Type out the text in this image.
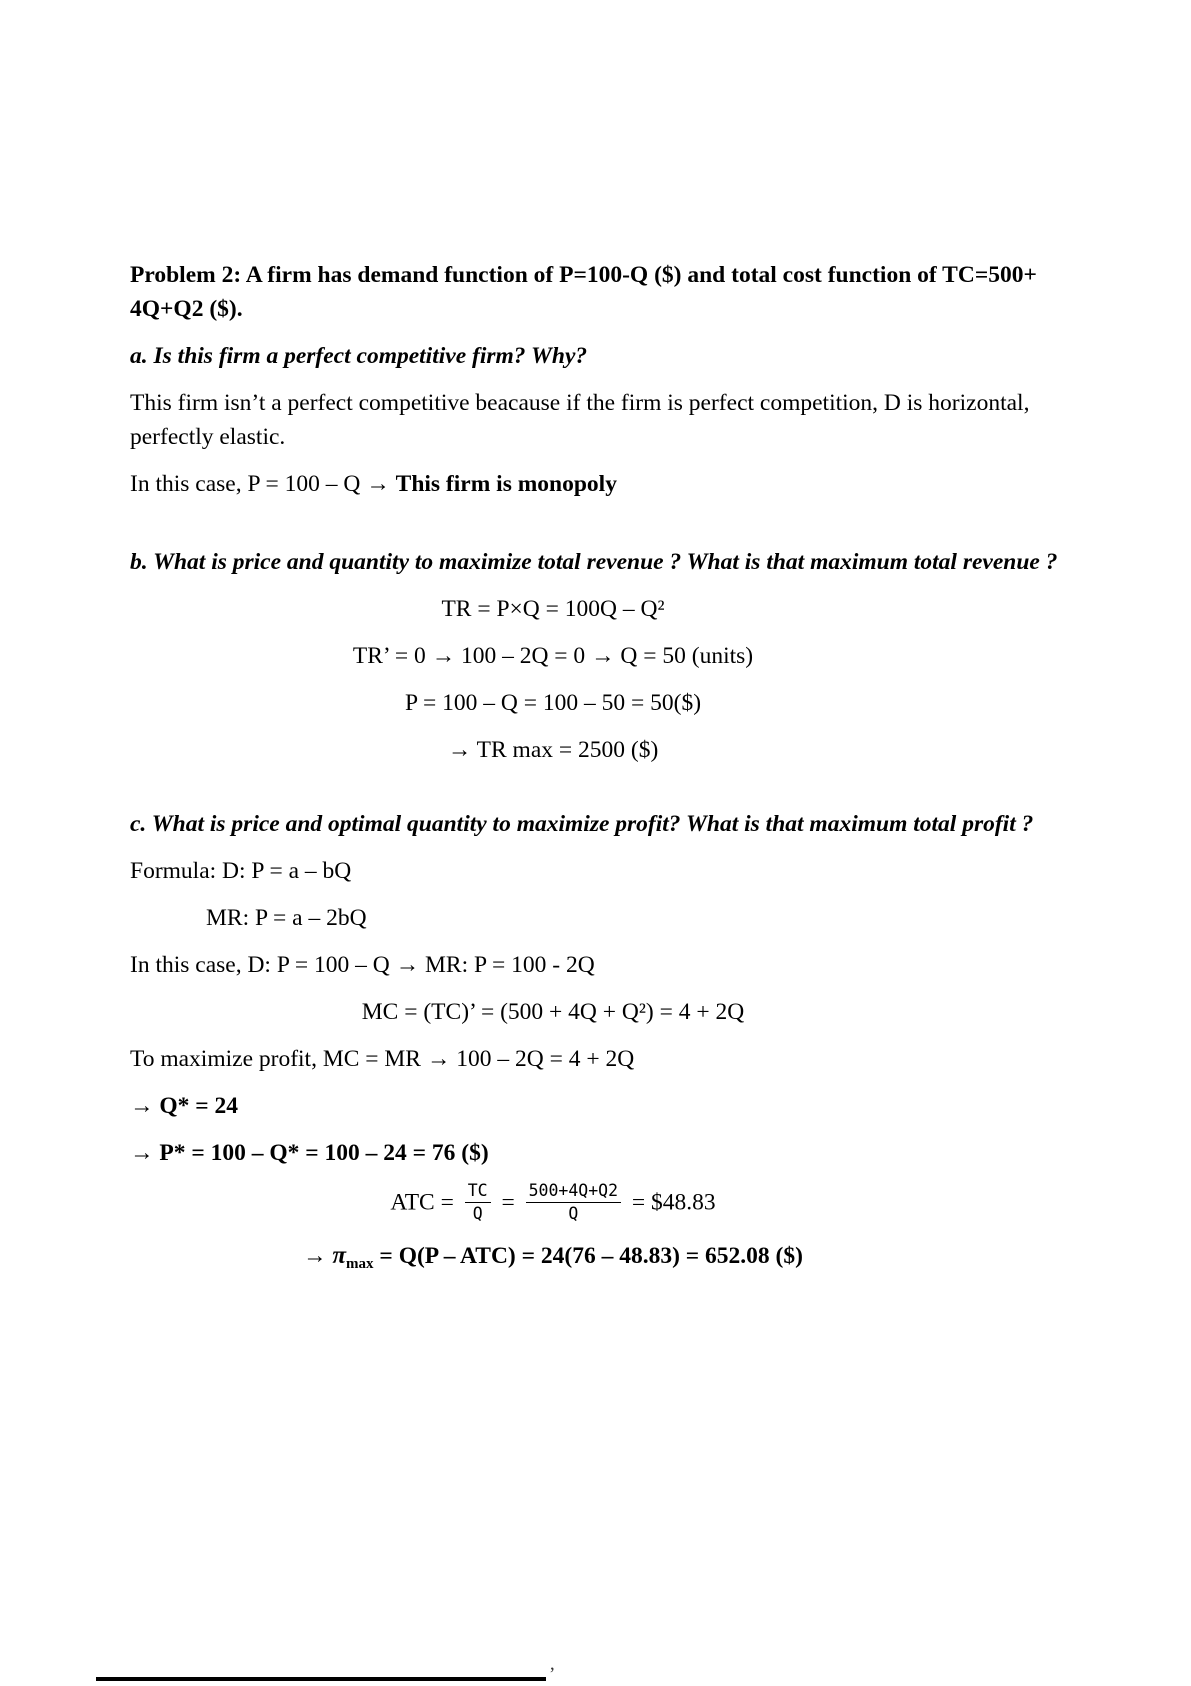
Problem 2: A firm has demand function of P=100-Q ($) and total cost function of TC=500+ 4Q+Q2 ($).

a. Is this firm a perfect competitive firm? Why?

This firm isn’t a perfect competitive beacause if the firm is perfect competition, D is horizontal, perfectly elastic.

In this case, P = 100 – Q → This firm is monopoly

b. What is price and quantity to maximize total revenue ? What is that maximum total revenue ?

TR = P×Q = 100Q – Q²

TR’ = 0 → 100 – 2Q = 0 → Q = 50 (units)

P = 100 – Q = 100 – 50 = 50($)

→ TR max = 2500 ($)

c. What is price and optimal quantity to maximize profit? What is that maximum total profit ?

Formula: D: P = a – bQ

MR: P = a – 2bQ

In this case, D: P = 100 – Q → MR: P = 100 - 2Q

MC = (TC)’ = (500 + 4Q + Q²) = 4 + 2Q

To maximize profit, MC = MR → 100 – 2Q = 4 + 2Q

→ Q* = 24

→ P* = 100 – Q* = 100 – 24 = 76 ($)

ATC = $\frac{TC}{Q} = \frac{500+4Q+Q2}{Q}$ = $48.83

→ $\pi_{max} = Q(P - ATC) = 24(76 - 48.83) = 652.08$ ($)

’
